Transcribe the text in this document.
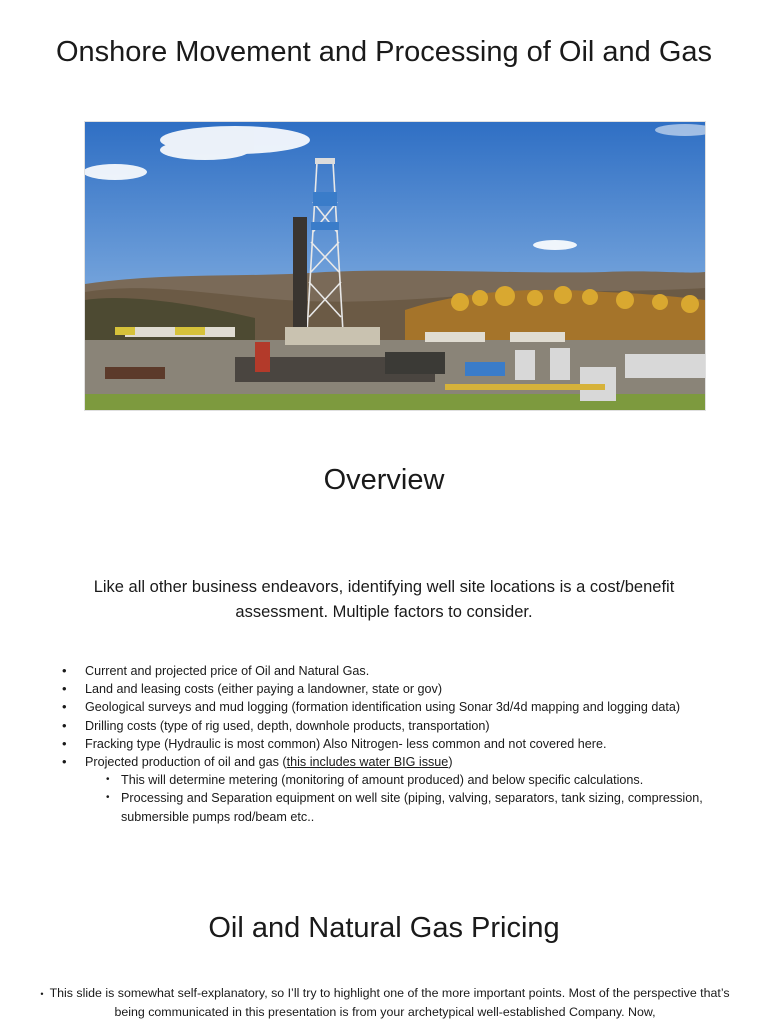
Onshore Movement and Processing of Oil and Gas
Overview
Like all other business endeavors, identifying well site locations is a cost/benefit assessment. Multiple factors to consider.
• Current and projected price of Oil and Natural Gas.
• Land and leasing costs (either paying a landowner, state or gov)
• Geological surveys and mud logging (formation identification using Sonar 3d/4d mapping and logging data)
• Drilling costs (type of rig used, depth, downhole products, transportation)
• Fracking type (Hydraulic is most common) Also Nitrogen- less common and not covered here.
• Projected production of oil and gas (this includes water BIG issue)
• This will determine metering (monitoring of amount produced) and below specific calculations.
• Processing and Separation equipment on well site (piping, valving, separators, tank sizing, compression, submersible pumps rod/beam etc..
Oil and Natural Gas Pricing
• This slide is somewhat self-explanatory, so I’ll try to highlight one of the more important points. Most of the perspective that’s being communicated in this presentation is from your archetypical well-established Company. Now,
